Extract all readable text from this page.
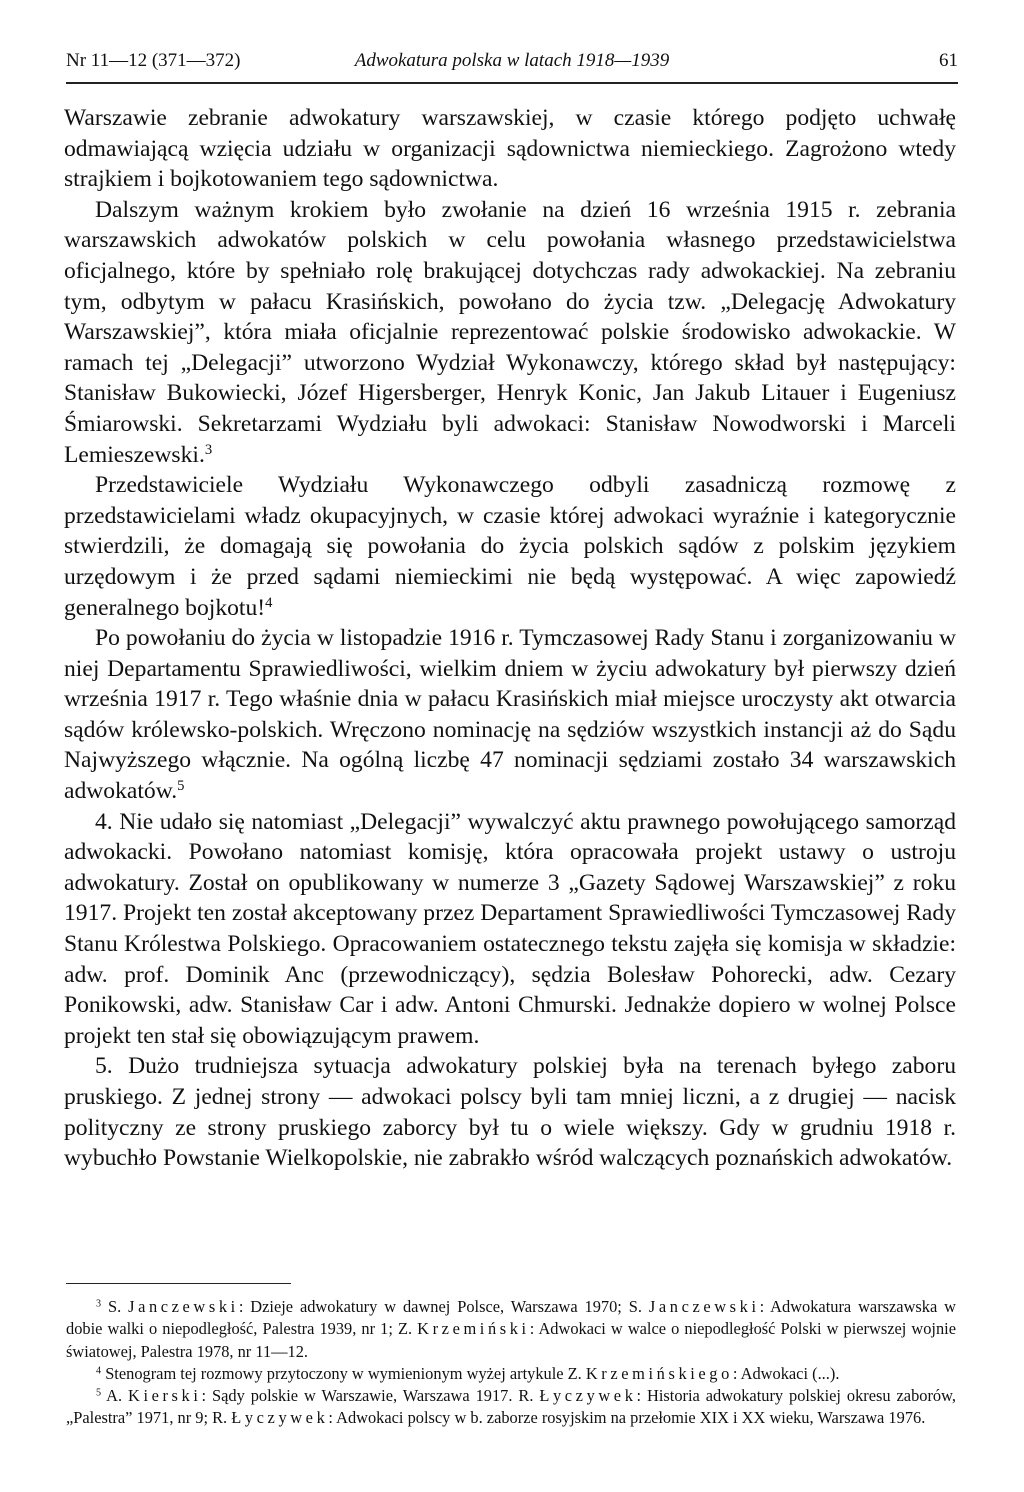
Nr 11—12 (371—372)	Adwokatura polska w latach 1918—1939	61

Warszawie zebranie adwokatury warszawskiej, w czasie którego podjęto uchwałę odmawiającą wzięcia udziału w organizacji sądownictwa niemieckiego. Zagrożono wtedy strajkiem i bojkotowaniem tego sądownictwa.

Dalszym ważnym krokiem było zwołanie na dzień 16 września 1915 r. zebrania warszawskich adwokatów polskich w celu powołania własnego przedstawicielstwa oficjalnego, które by spełniało rolę brakującej dotychczas rady adwokackiej. Na zebraniu tym, odbytym w pałacu Krasińskich, powołano do życia tzw. „Delegację Adwokatury Warszawskiej”, która miała oficjalnie reprezentować polskie środowisko adwokackie. W ramach tej „Delegacji” utworzono Wydział Wykonawczy, którego skład był następujący: Stanisław Bukowiecki, Józef Higersberger, Henryk Konic, Jan Jakub Litauer i Eugeniusz Śmiarowski. Sekretarzami Wydziału byli adwokaci: Stanisław Nowodworski i Marceli Lemieszewski.$^3$

Przedstawiciele Wydziału Wykonawczego odbyli zasadniczą rozmowę z przedstawicielami władz okupacyjnych, w czasie której adwokaci wyraźnie i kategorycznie stwierdzili, że domagają się powołania do życia polskich sądów z polskim językiem urzędowym i że przed sądami niemieckimi nie będą występować. A więc zapowiedź generalnego bojkotu!$^4$

Po powołaniu do życia w listopadzie 1916 r. Tymczasowej Rady Stanu i zorganizowaniu w niej Departamentu Sprawiedliwości, wielkim dniem w życiu adwokatury był pierwszy dzień września 1917 r. Tego właśnie dnia w pałacu Krasińskich miał miejsce uroczysty akt otwarcia sądów królewsko-polskich. Wręczono nominację na sędziów wszystkich instancji aż do Sądu Najwyższego włącznie. Na ogólną liczbę 47 nominacji sędziami zostało 34 warszawskich adwokatów.$^5$

4. Nie udało się natomiast „Delegacji” wywalczyć aktu prawnego powołującego samorząd adwokacki. Powołano natomiast komisję, która opracowała projekt ustawy o ustroju adwokatury. Został on opublikowany w numerze 3 „Gazety Sądowej Warszawskiej” z roku 1917. Projekt ten został akceptowany przez Departament Sprawiedliwości Tymczasowej Rady Stanu Królestwa Polskiego. Opracowaniem ostatecznego tekstu zajęła się komisja w składzie: adw. prof. Dominik Anc (przewodniczący), sędzia Bolesław Pohorecki, adw. Cezary Ponikowski, adw. Stanisław Car i adw. Antoni Chmurski. Jednakże dopiero w wolnej Polsce projekt ten stał się obowiązującym prawem.

5. Dużo trudniejsza sytuacja adwokatury polskiej była na terenach byłego zaboru pruskiego. Z jednej strony — adwokaci polscy byli tam mniej liczni, a z drugiej — nacisk polityczny ze strony pruskiego zaborcy był tu o wiele większy. Gdy w grudniu 1918 r. wybuchło Powstanie Wielkopolskie, nie zabrakło wśród walczących poznańskich adwokatów.

$^3$ S. Janczewski: Dzieje adwokatury w dawnej Polsce, Warszawa 1970; S. Janczewski: Adwokatura warszawska w dobie walki o niepodległość, Palestra 1939, nr 1; Z. Krzemiński: Adwokaci w walce o niepodległość Polski w pierwszej wojnie światowej, Palestra 1978, nr 11—12.

$^4$ Stenogram tej rozmowy przytoczony w wymienionym wyżej artykule Z. Krzemińskiego: Adwokaci (...).

$^5$ A. Kierski: Sądy polskie w Warszawie, Warszawa 1917. R. Łyczywek: Historia adwokatury polskiej okresu zaborów, „Palestra” 1971, nr 9; R. Łyczywek: Adwokaci polscy w b. zaborze rosyjskim na przełomie XIX i XX wieku, Warszawa 1976.
